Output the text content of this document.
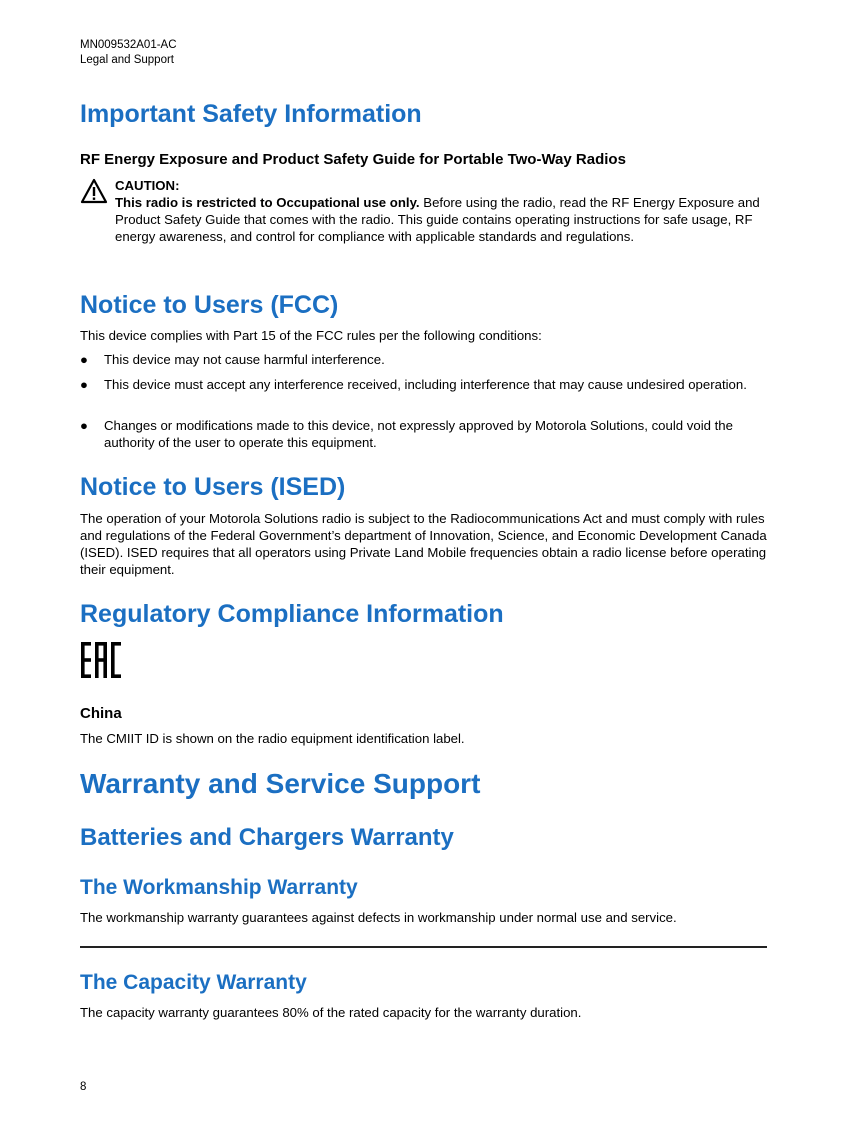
MN009532A01-AC
Legal and Support
Important Safety Information
RF Energy Exposure and Product Safety Guide for Portable Two-Way Radios
CAUTION:
This radio is restricted to Occupational use only. Before using the radio, read the RF Energy Exposure and Product Safety Guide that comes with the radio. This guide contains operating instructions for safe usage, RF energy awareness, and control for compliance with applicable standards and regulations.
Notice to Users (FCC)
This device complies with Part 15 of the FCC rules per the following conditions:
●	This device may not cause harmful interference.
●	This device must accept any interference received, including interference that may cause undesired operation.
●	Changes or modifications made to this device, not expressly approved by Motorola Solutions, could void the authority of the user to operate this equipment.
Notice to Users (ISED)
The operation of your Motorola Solutions radio is subject to the Radiocommunications Act and must comply with rules and regulations of the Federal Government’s department of Innovation, Science, and Economic Development Canada (ISED). ISED requires that all operators using Private Land Mobile frequencies obtain a radio license before operating their equipment.
Regulatory Compliance Information
China
The CMIIT ID is shown on the radio equipment identification label.
Warranty and Service Support
Batteries and Chargers Warranty
The Workmanship Warranty
The workmanship warranty guarantees against defects in workmanship under normal use and service.
The Capacity Warranty
The capacity warranty guarantees 80% of the rated capacity for the warranty duration.
8
